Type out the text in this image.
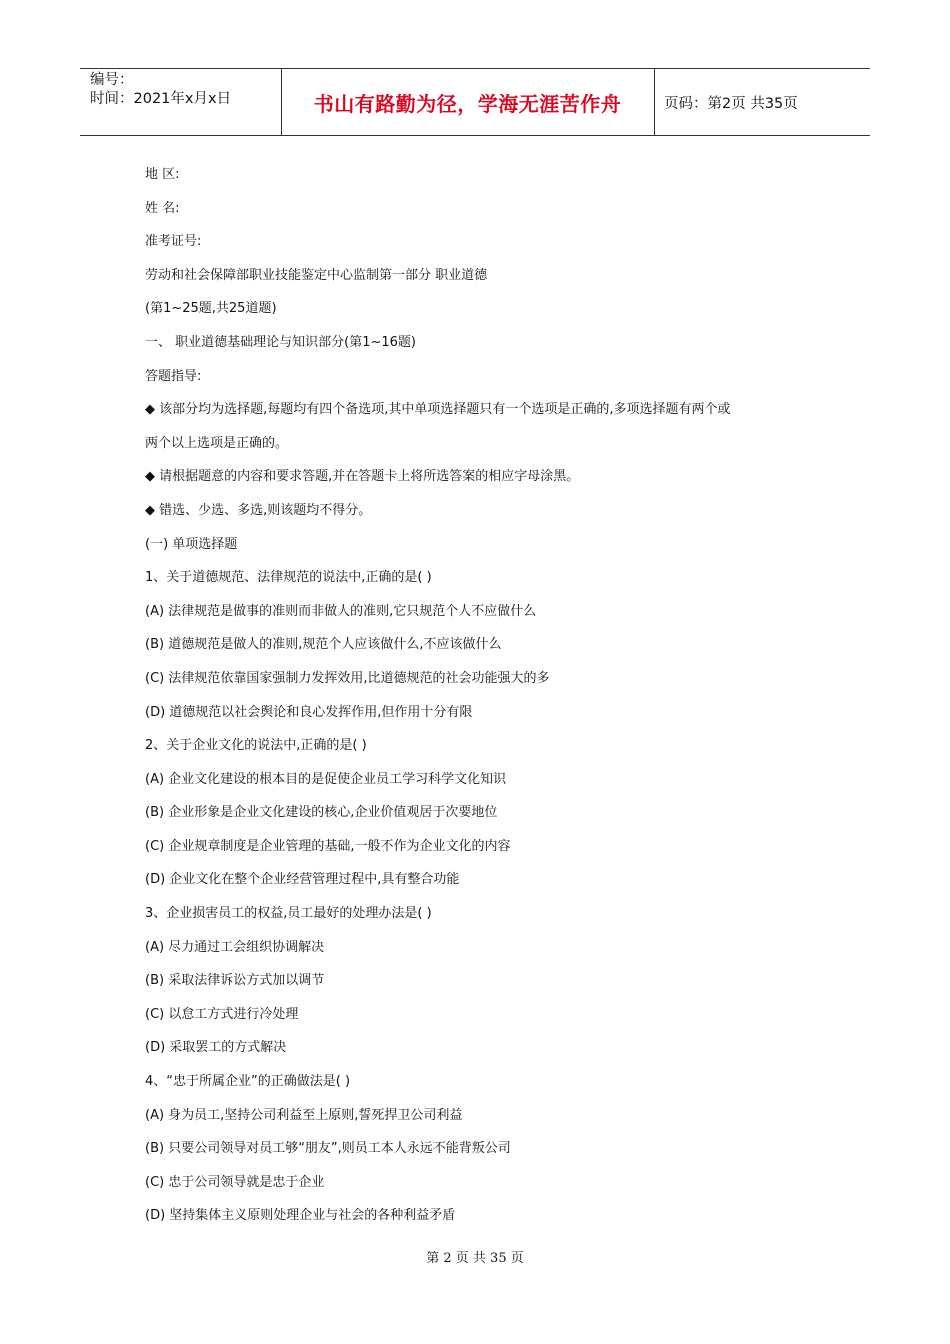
编号：
时间：2021年x月x日	书山有路勤为径，学海无涯苦作舟	页码：第2页 共35页
地 区:
姓 名:
准考证号:
劳动和社会保障部职业技能鉴定中心监制第一部分 职业道德
(第1~25题,共25道题)
一、 职业道德基础理论与知识部分(第1~16题)
答题指导:
◆ 该部分均为选择题,每题均有四个备选项,其中单项选择题只有一个选项是正确的,多项选择题有两个或
两个以上选项是正确的。
◆ 请根据题意的内容和要求答题,并在答题卡上将所选答案的相应字母涂黑。
◆ 错选、少选、多选,则该题均不得分。
(一) 单项选择题
1、关于道德规范、法律规范的说法中,正确的是( )
(A) 法律规范是做事的准则而非做人的准则,它只规范个人不应做什么
(B) 道德规范是做人的准则,规范个人应该做什么,不应该做什么
(C) 法律规范依靠国家强制力发挥效用,比道德规范的社会功能强大的多
(D) 道德规范以社会舆论和良心发挥作用,但作用十分有限
2、关于企业文化的说法中,正确的是( )
(A) 企业文化建设的根本目的是促使企业员工学习科学文化知识
(B) 企业形象是企业文化建设的核心,企业价值观居于次要地位
(C) 企业规章制度是企业管理的基础,一般不作为企业文化的内容
(D) 企业文化在整个企业经营管理过程中,具有整合功能
3、企业损害员工的权益,员工最好的处理办法是( )
(A) 尽力通过工会组织协调解决
(B) 采取法律诉讼方式加以调节
(C) 以怠工方式进行冷处理
(D) 采取罢工的方式解决
4、“忠于所属企业”的正确做法是( )
(A) 身为员工,坚持公司利益至上原则,誓死捍卫公司利益
(B) 只要公司领导对员工够“朋友”,则员工本人永远不能背叛公司
(C) 忠于公司领导就是忠于企业
(D) 坚持集体主义原则处理企业与社会的各种利益矛盾
第 2 页 共 35 页
